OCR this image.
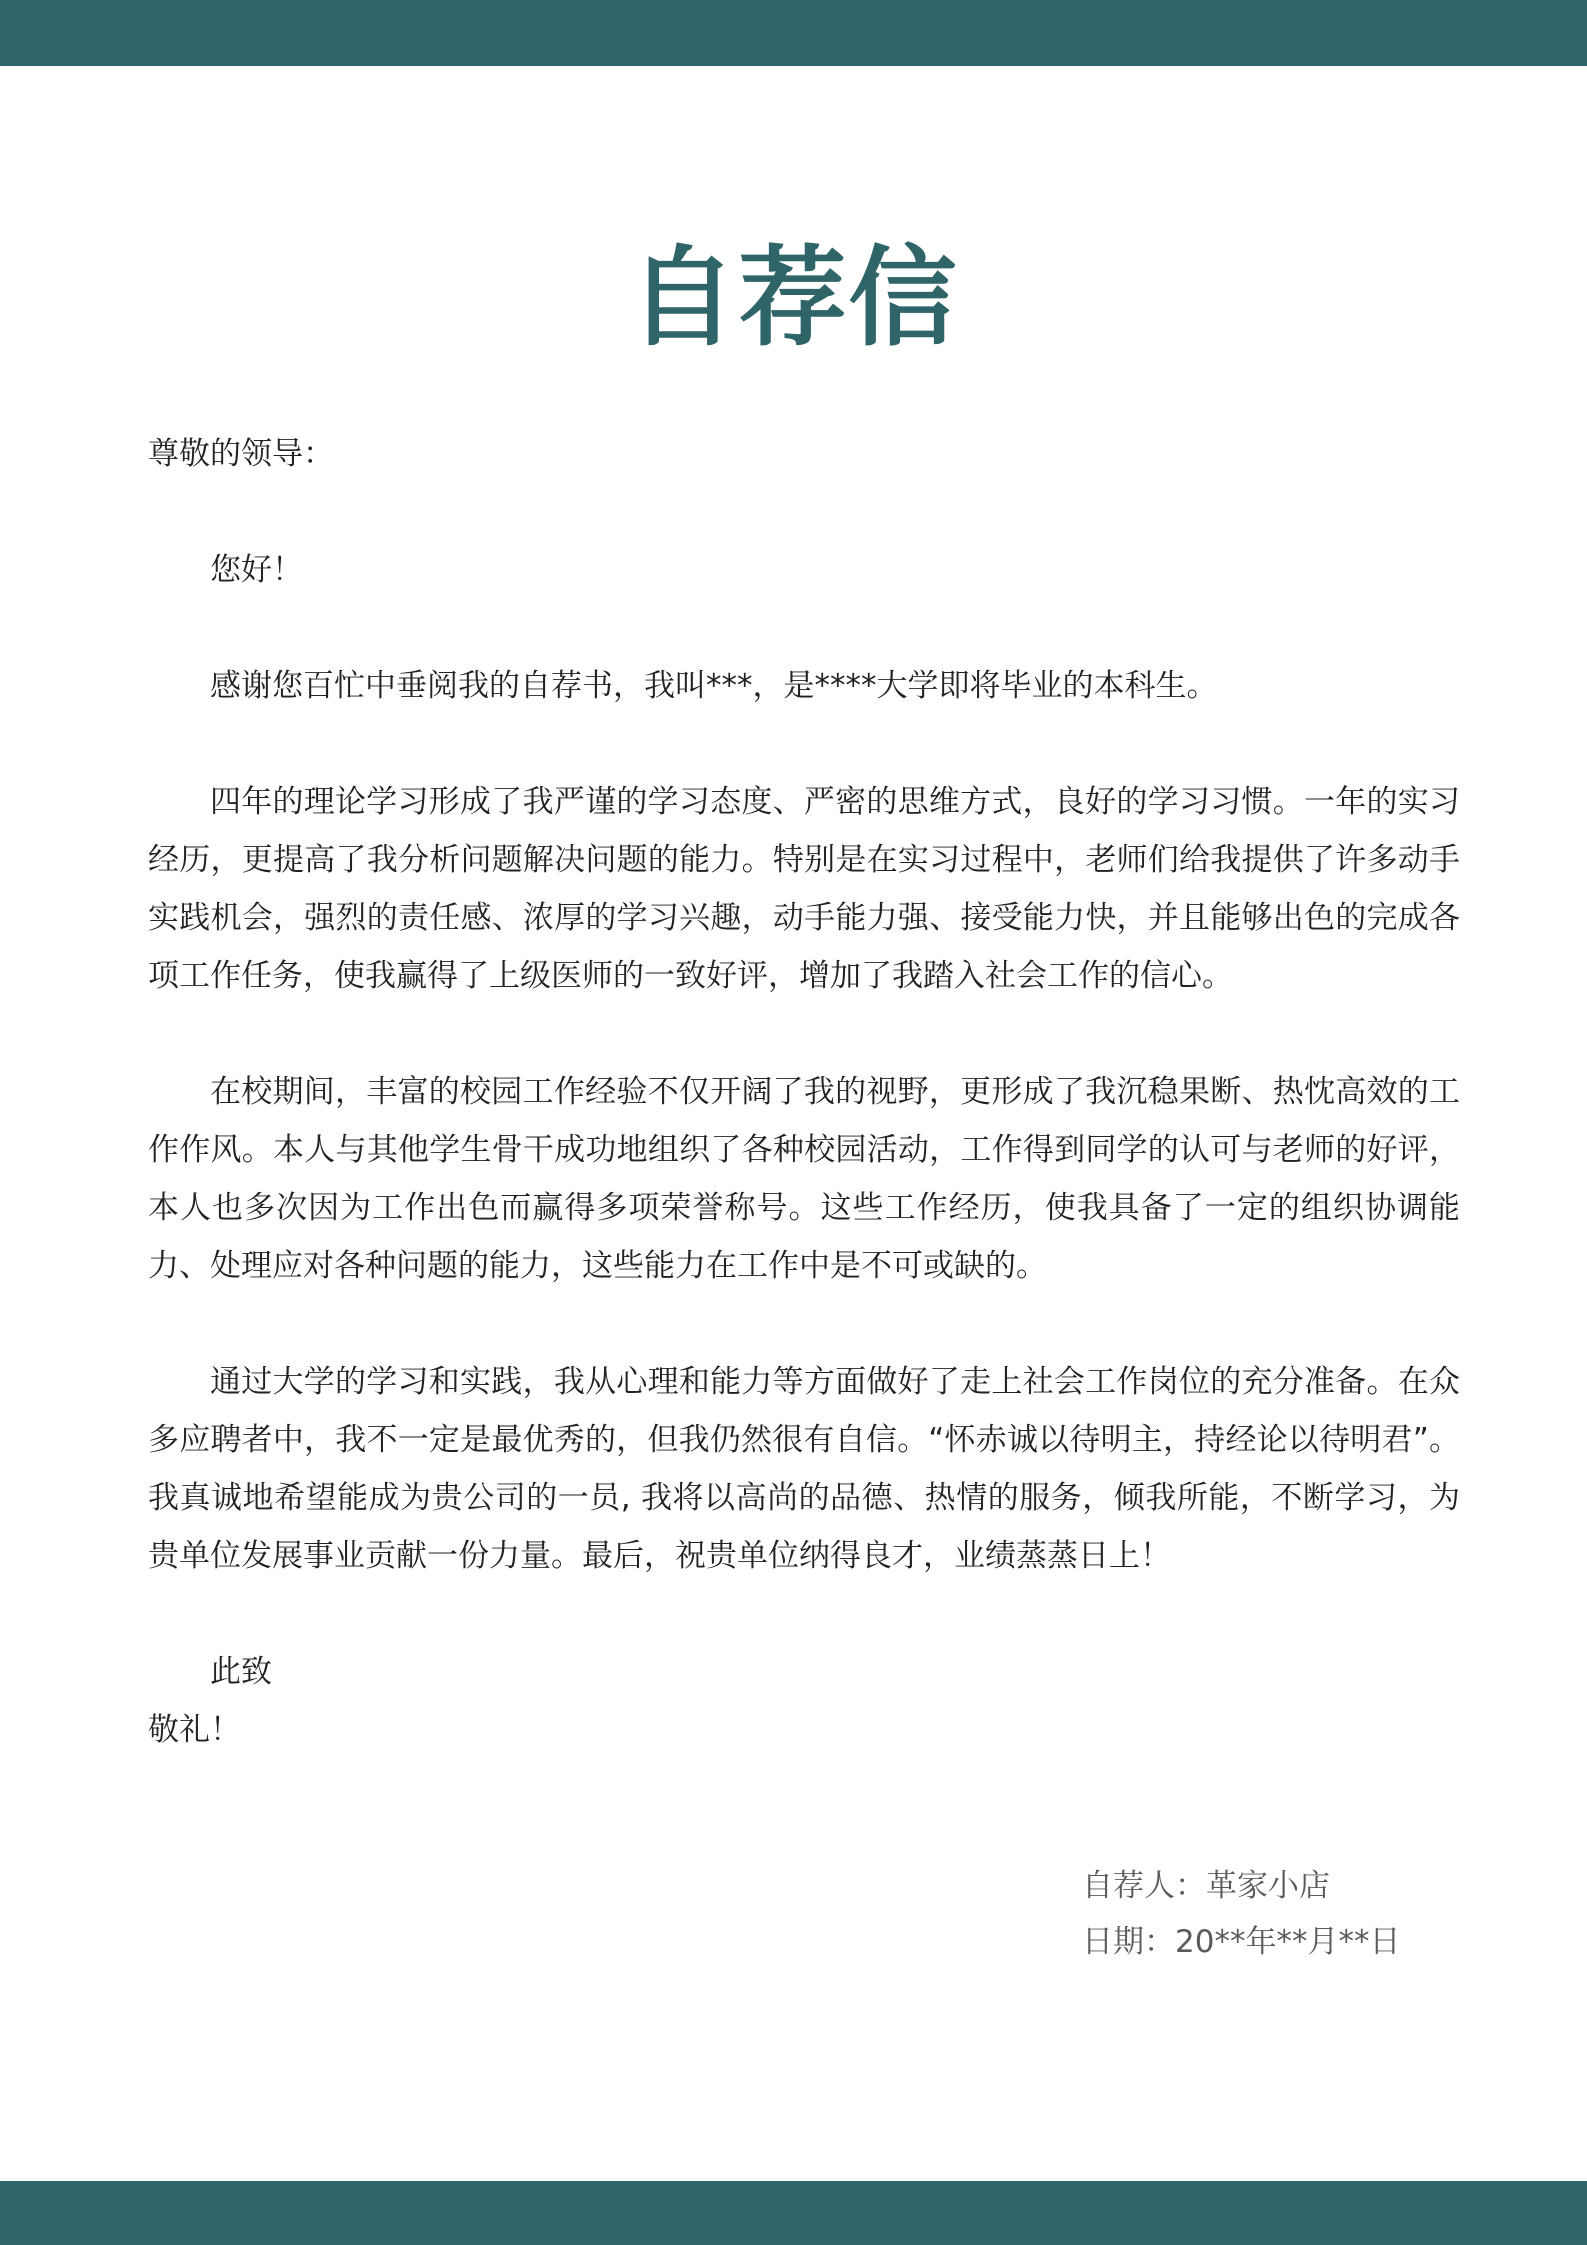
自荐信

尊敬的领导：

您好！

感谢您百忙中垂阅我的自荐书，我叫***，是****大学即将毕业的本科生。

四年的理论学习形成了我严谨的学习态度、严密的思维方式，良好的学习习惯。一年的实习经历，更提高了我分析问题解决问题的能力。特别是在实习过程中，老师们给我提供了许多动手实践机会，强烈的责任感、浓厚的学习兴趣，动手能力强、接受能力快，并且能够出色的完成各项工作任务，使我赢得了上级医师的一致好评，增加了我踏入社会工作的信心。

在校期间，丰富的校园工作经验不仅开阔了我的视野，更形成了我沉稳果断、热忱高效的工作作风。本人与其他学生骨干成功地组织了各种校园活动，工作得到同学的认可与老师的好评，本人也多次因为工作出色而赢得多项荣誉称号。这些工作经历，使我具备了一定的组织协调能力、处理应对各种问题的能力，这些能力在工作中是不可或缺的。

通过大学的学习和实践，我从心理和能力等方面做好了走上社会工作岗位的充分准备。在众多应聘者中，我不一定是最优秀的，但我仍然很有自信。“怀赤诚以待明主，持经论以待明君”。我真诚地希望能成为贵公司的一员, 我将以高尚的品德、热情的服务，倾我所能，不断学习，为贵单位发展事业贡献一份力量。最后，祝贵单位纳得良才，业绩蒸蒸日上！

此致

敬礼！

自荐人：革家小店

日期：20**年**月**日
